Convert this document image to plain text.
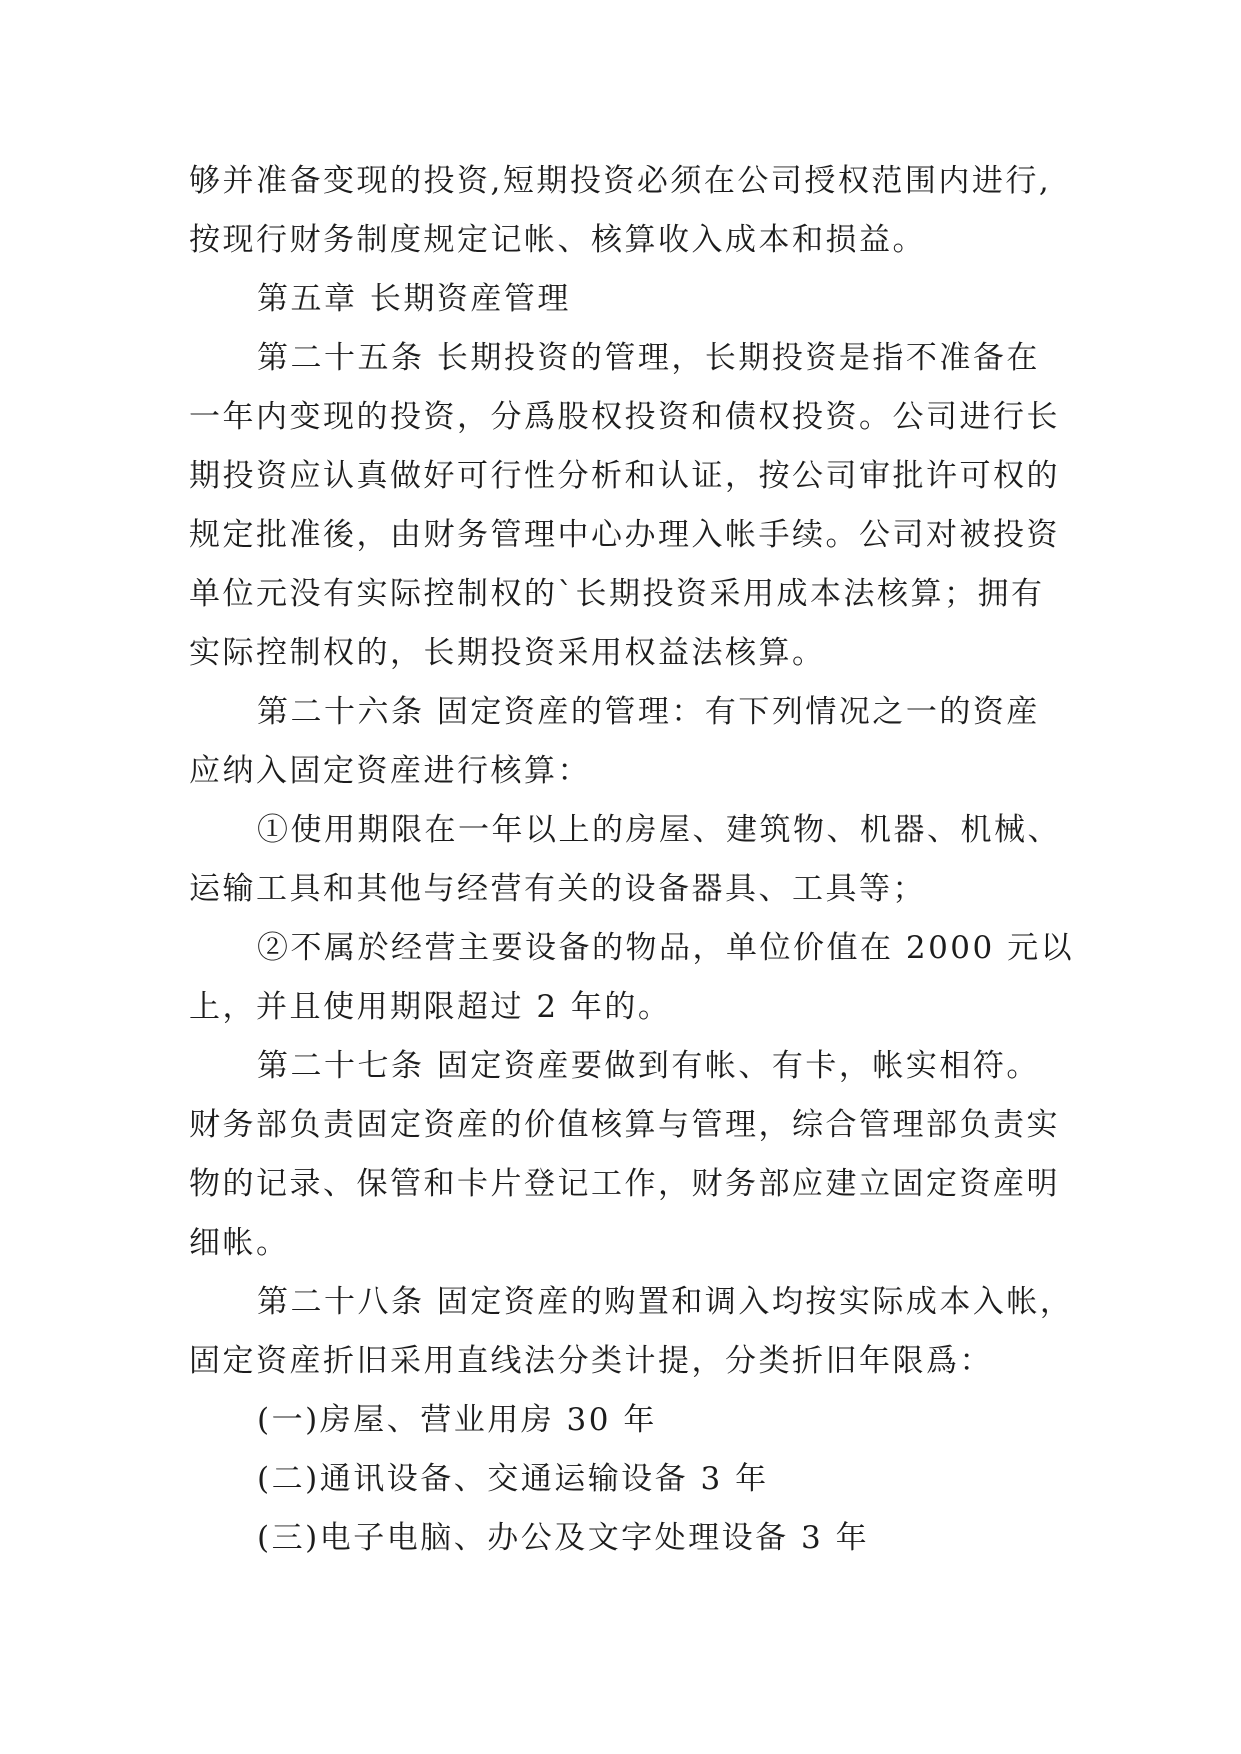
够并准备变现的投资,短期投资必须在公司授权范围内进行,
按现行财务制度规定记帐、核算收入成本和损益。

第五章 长期资産管理

第二十五条 长期投资的管理，长期投资是指不准备在
一年内变现的投资，分爲股权投资和债权投资。公司进行长
期投资应认真做好可行性分析和认证，按公司审批许可权的
规定批准後，由财务管理中心办理入帐手续。公司对被投资
单位元没有实际控制权的`长期投资采用成本法核算；拥有
实际控制权的，长期投资采用权益法核算。

第二十六条 固定资産的管理：有下列情况之一的资産
应纳入固定资産进行核算：

①使用期限在一年以上的房屋、建筑物、机器、机械、
运输工具和其他与经营有关的设备器具、工具等；

②不属於经营主要设备的物品，单位价值在 2000 元以
上，并且使用期限超过 2 年的。

第二十七条 固定资産要做到有帐、有卡，帐实相符。
财务部负责固定资産的价值核算与管理，综合管理部负责实
物的记录、保管和卡片登记工作，财务部应建立固定资産明
细帐。

第二十八条 固定资産的购置和调入均按实际成本入帐，
固定资産折旧采用直线法分类计提，分类折旧年限爲：

(一)房屋、营业用房 30 年

(二)通讯设备、交通运输设备 3 年

(三)电子电脑、办公及文字处理设备 3 年
